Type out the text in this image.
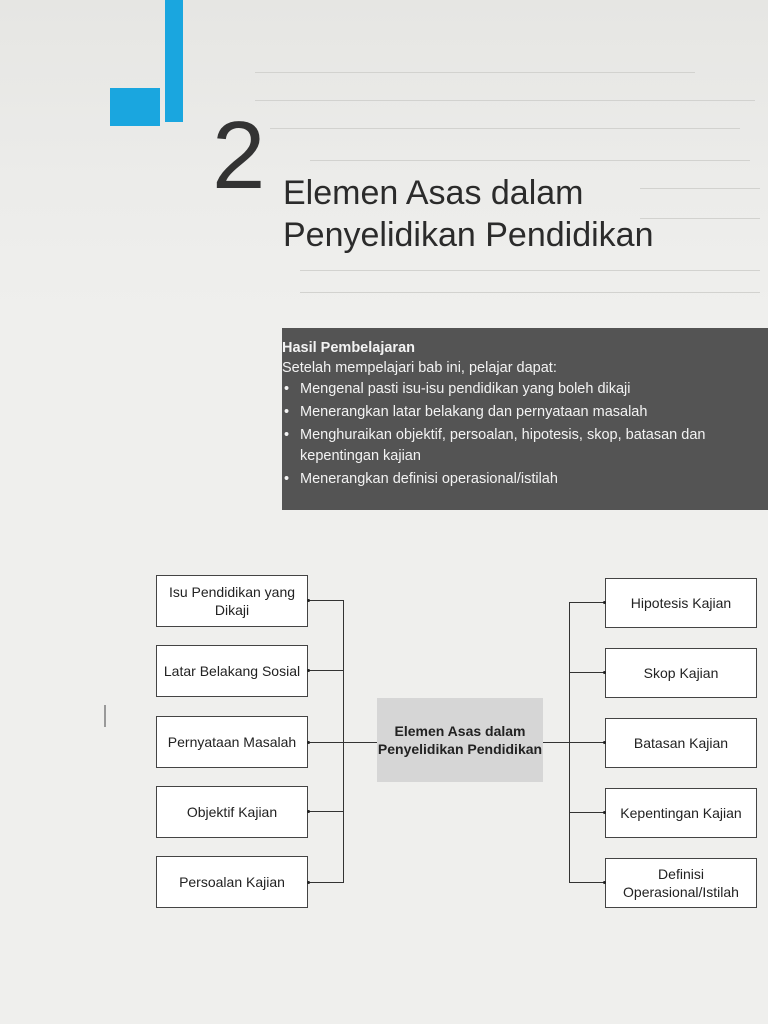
2 Elemen Asas dalam
Penyelidikan Pendidikan
Hasil Pembelajaran
Setelah mempelajari bab ini, pelajar dapat:
• Mengenal pasti isu-isu pendidikan yang boleh dikaji
• Menerangkan latar belakang dan pernyataan masalah
• Menghuraikan objektif, persoalan, hipotesis, skop, batasan dan kepentingan kajian
• Menerangkan definisi operasional/istilah
Isu Pendidikan yang Dikaji
Latar Belakang Sosial
Pernyataan Masalah
Objektif Kajian
Persoalan Kajian
Hipotesis Kajian
Skop Kajian
Batasan Kajian
Kepentingan Kajian
Definisi Operasional/Istilah
Elemen Asas dalam Penyelidikan Pendidikan
